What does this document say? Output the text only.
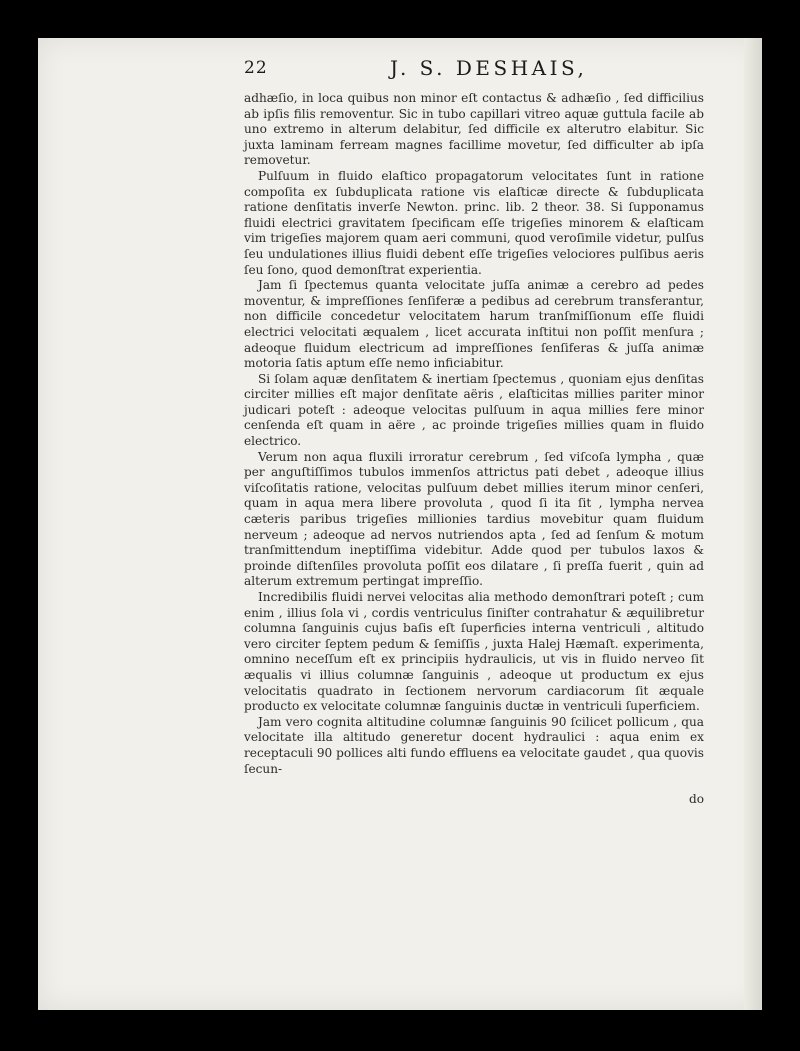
22	J. S. DESHAIS,

adhæſio, in loca quibus non minor eſt contactus & adhæſio , ſed difficilius ab ipſis filis removentur. Sic in tubo capillari vitreo aquæ guttula facile ab uno extremo in alterum delabitur, ſed difficile ex alterutro elabitur. Sic juxta laminam ferream magnes facillime movetur, ſed difficulter ab ipſa removetur.

Pulſuum in fluido elaſtico propagatorum velocitates ſunt in ratione compoſita ex ſubduplicata ratione vis elaſticæ directe & ſubduplicata ratione denſitatis inverſe Newton. princ. lib. 2 theor. 38. Si ſupponamus fluidi electrici gravitatem ſpecificam eſſe trigeſies minorem & elaſticam vim trigeſies majorem quam aeri communi, quod veroſimile videtur, pulſus ſeu undulationes illius fluidi debent eſſe trigeſies velociores pulſibus aeris ſeu ſono, quod demonſtrat experientia.

Jam ſi ſpectemus quanta velocitate juſſa animæ a cerebro ad pedes moventur, & impreſſiones ſenſiferæ a pedibus ad cerebrum transferantur, non difficile concedetur velocitatem harum tranſmiſſionum eſſe fluidi electrici velocitati æqualem , licet accurata inſtitui non poſſit menſura ; adeoque fluidum electricum ad impreſſiones ſenſiferas & juſſa animæ motoria ſatis aptum eſſe nemo inficiabitur.

Si ſolam aquæ denſitatem & inertiam ſpectemus , quoniam ejus denſitas circiter millies eſt major denſitate aëris , elaſticitas millies pariter minor judicari poteſt : adeoque velocitas pulſuum in aqua millies fere minor cenſenda eſt quam in aëre , ac proinde trigeſies millies quam in fluido electrico.

Verum non aqua fluxili irroratur cerebrum , ſed viſcoſa lympha , quæ per anguſtiſſimos tubulos immenſos attrictus pati debet , adeoque illius viſcoſitatis ratione, velocitas pulſuum debet millies iterum minor cenſeri, quam in aqua mera libere provoluta , quod ſi ita ſit , lympha nervea cæteris paribus trigeſies millionies tardius movebitur quam fluidum nerveum ; adeoque ad nervos nutriendos apta , ſed ad ſenſum & motum tranſmittendum ineptiſſima videbitur. Adde quod per tubulos laxos & proinde diſtenſiles provoluta poſſit eos dilatare , ſi preſſa fuerit , quin ad alterum extremum pertingat impreſſio.

Incredibilis fluidi nervei velocitas alia methodo demonſtrari poteſt ; cum enim , illius ſola vi , cordis ventriculus ſiniſter contrahatur & æquilibretur columna ſanguinis cujus baſis eſt ſuperficies interna ventriculi , altitudo vero circiter ſeptem pedum & ſemiſſis , juxta Halej Hæmaſt. experimenta, omnino neceſſum eſt ex principiis hydraulicis, ut vis in fluido nerveo ſit æqualis vi illius columnæ ſanguinis , adeoque ut productum ex ejus velocitatis quadrato in ſectionem nervorum cardiacorum ſit æquale producto ex velocitate columnæ ſanguinis ductæ in ventriculi ſuperficiem.

Jam vero cognita altitudine columnæ ſanguinis 90 ſcilicet pollicum , qua velocitate illa altitudo generetur docent hydraulici : aqua enim ex receptaculi 90 pollices alti fundo effluens ea velocitate gaudet , qua quovis ſecun-

do
